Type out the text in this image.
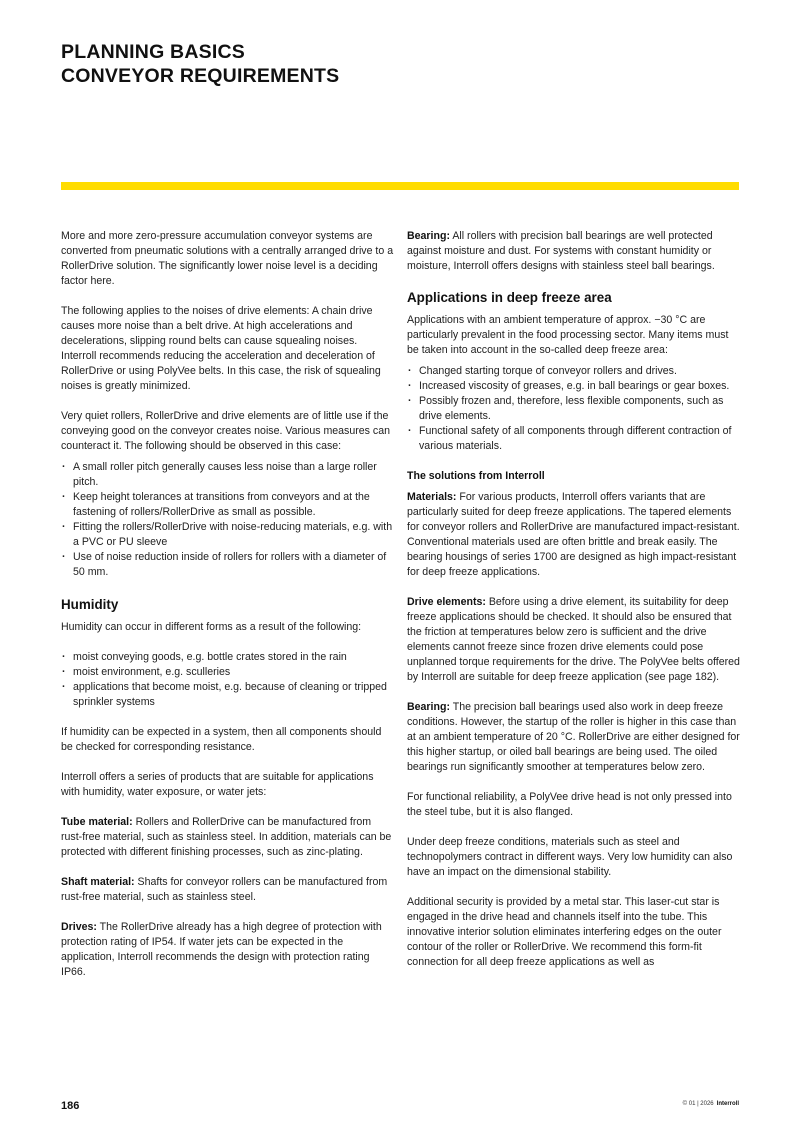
PLANNING BASICS
CONVEYOR REQUIREMENTS

More and more zero-pressure accumulation conveyor systems are converted from pneumatic solutions with a centrally arranged drive to a RollerDrive solution. The significantly lower noise level is a deciding factor here.

The following applies to the noises of drive elements: A chain drive causes more noise than a belt drive. At high accelerations and decelerations, slipping round belts can cause squealing noises. Interroll recommends reducing the acceleration and deceleration of RollerDrive or using PolyVee belts. In this case, the risk of squealing noises is greatly minimized.

Very quiet rollers, RollerDrive and drive elements are of little use if the conveying good on the conveyor creates noise. Various measures can counteract it. The following should be observed in this case:

· A small roller pitch generally causes less noise than a large roller pitch.
· Keep height tolerances at transitions from conveyors and at the fastening of rollers/RollerDrive as small as possible.
· Fitting the rollers/RollerDrive with noise-reducing materials, e.g. with a PVC or PU sleeve
· Use of noise reduction inside of rollers for rollers with a diameter of 50 mm.
Humidity

Humidity can occur in different forms as a result of the following:

· moist conveying goods, e.g. bottle crates stored in the rain
· moist environment, e.g. sculleries
· applications that become moist, e.g. because of cleaning or tripped sprinkler systems

If humidity can be expected in a system, then all components should be checked for corresponding resistance.

Interroll offers a series of products that are suitable for applications with humidity, water exposure, or water jets:

Tube material: Rollers and RollerDrive can be manufactured from rust-free material, such as stainless steel. In addition, materials can be protected with different finishing processes, such as zinc-plating.

Shaft material: Shafts for conveyor rollers can be manufactured from rust-free material, such as stainless steel.

Drives: The RollerDrive already has a high degree of protection with protection rating of IP54. If water jets can be expected in the application, Interroll recommends the design with protection rating IP66.

Bearing: All rollers with precision ball bearings are well protected against moisture and dust. For systems with constant humidity or moisture, Interroll offers designs with stainless steel ball bearings.

Applications in deep freeze area

Applications with an ambient temperature of approx. −30 °C are particularly prevalent in the food processing sector. Many items must be taken into account in the so-called deep freeze area:

· Changed starting torque of conveyor rollers and drives.
· Increased viscosity of greases, e.g. in ball bearings or gear boxes.
· Possibly frozen and, therefore, less flexible components, such as drive elements.
· Functional safety of all components through different contraction of various materials.
The solutions from Interroll

Materials: For various products, Interroll offers variants that are particularly suited for deep freeze applications. The tapered elements for conveyor rollers and RollerDrive are manufactured impact-resistant. Conventional materials used are often brittle and break easily. The bearing housings of series 1700 are designed as high impact-resistant for deep freeze applications.

Drive elements: Before using a drive element, its suitability for deep freeze applications should be checked. It should also be ensured that the friction at temperatures below zero is sufficient and the drive elements cannot freeze since frozen drive elements could pose unplanned torque requirements for the drive. The PolyVee belts offered by Interroll are suitable for deep freeze application (see page 182).

Bearing: The precision ball bearings used also work in deep freeze conditions. However, the startup of the roller is higher in this case than at an ambient temperature of 20 °C. RollerDrive are either designed for this higher startup, or oiled ball bearings are being used. The oiled bearings run significantly smoother at temperatures below zero.

For functional reliability, a PolyVee drive head is not only pressed into the steel tube, but it is also flanged.

Under deep freeze conditions, materials such as steel and technopolymers contract in different ways. Very low humidity can also have an impact on the dimensional stability.

Additional security is provided by a metal star. This laser-cut star is engaged in the drive head and channels itself into the tube. This innovative interior solution eliminates interfering edges on the outer contour of the roller or RollerDrive. We recommend this form-fit connection for all deep freeze applications as well as

186	© 01 | 2026 Interroll
